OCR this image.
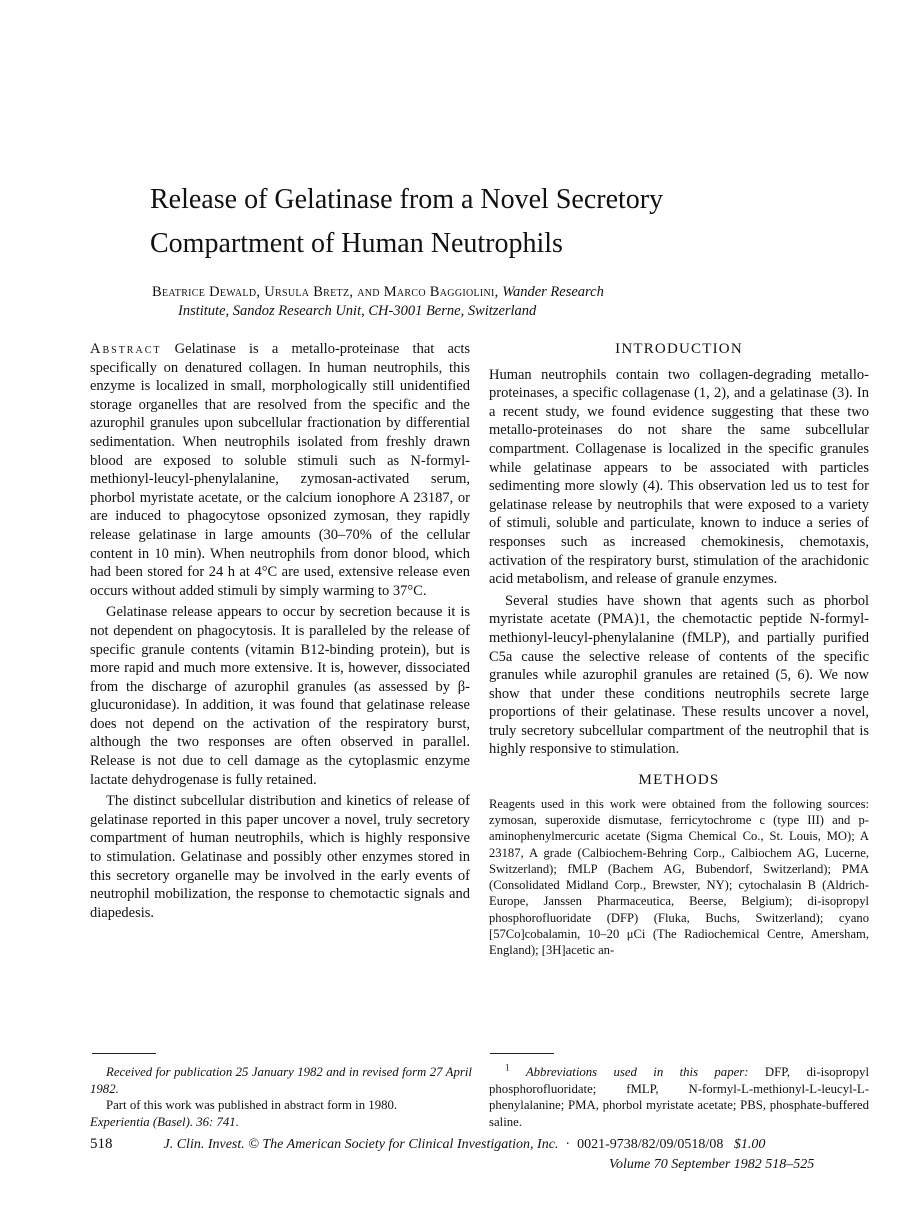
Release of Gelatinase from a Novel Secretory
Compartment of Human Neutrophils
Beatrice Dewald, Ursula Bretz, and Marco Baggiolini, Wander Research
Institute, Sandoz Research Unit, CH-3001 Berne, Switzerland

Abstract Gelatinase is a metallo-proteinase that acts specifically on denatured collagen. In human neutrophils, this enzyme is localized in small, morphologically still unidentified storage organelles that are resolved from the specific and the azurophil granules upon subcellular fractionation by differential sedimentation. When neutrophils isolated from freshly drawn blood are exposed to soluble stimuli such as N-formyl-methionyl-leucyl-phenylalanine, zymosan-activated serum, phorbol myristate acetate, or the calcium ionophore A 23187, or are induced to phagocytose opsonized zymosan, they rapidly release gelatinase in large amounts (30–70% of the cellular content in 10 min). When neutrophils from donor blood, which had been stored for 24 h at 4°C are used, extensive release even occurs without added stimuli by simply warming to 37°C.

Gelatinase release appears to occur by secretion because it is not dependent on phagocytosis. It is paralleled by the release of specific granule contents (vitamin B12-binding protein), but is more rapid and much more extensive. It is, however, dissociated from the discharge of azurophil granules (as assessed by β-glucuronidase). In addition, it was found that gelatinase release does not depend on the activation of the respiratory burst, although the two responses are often observed in parallel. Release is not due to cell damage as the cytoplasmic enzyme lactate dehydrogenase is fully retained.

The distinct subcellular distribution and kinetics of release of gelatinase reported in this paper uncover a novel, truly secretory compartment of human neutrophils, which is highly responsive to stimulation. Gelatinase and possibly other enzymes stored in this secretory organelle may be involved in the early events of neutrophil mobilization, the response to chemotactic signals and diapedesis.

INTRODUCTION

Human neutrophils contain two collagen-degrading metallo-proteinases, a specific collagenase (1, 2), and a gelatinase (3). In a recent study, we found evidence suggesting that these two metallo-proteinases do not share the same subcellular compartment. Collagenase is localized in the specific granules while gelatinase appears to be associated with particles sedimenting more slowly (4). This observation led us to test for gelatinase release by neutrophils that were exposed to a variety of stimuli, soluble and particulate, known to induce a series of responses such as increased chemokinesis, chemotaxis, activation of the respiratory burst, stimulation of the arachidonic acid metabolism, and release of granule enzymes.

Several studies have shown that agents such as phorbol myristate acetate (PMA)1, the chemotactic peptide N-formyl-methionyl-leucyl-phenylalanine (fMLP), and partially purified C5a cause the selective release of contents of the specific granules while azurophil granules are retained (5, 6). We now show that under these conditions neutrophils secrete large proportions of their gelatinase. These results uncover a novel, truly secretory subcellular compartment of the neutrophil that is highly responsive to stimulation.

METHODS

Reagents used in this work were obtained from the following sources: zymosan, superoxide dismutase, ferricytochrome c (type III) and p-aminophenylmercuric acetate (Sigma Chemical Co., St. Louis, MO); A 23187, A grade (Calbiochem-Behring Corp., Calbiochem AG, Lucerne, Switzerland); fMLP (Bachem AG, Bubendorf, Switzerland); PMA (Consolidated Midland Corp., Brewster, NY); cytochalasin B (Aldrich-Europe, Janssen Pharmaceutica, Beerse, Belgium); di-isopropyl phosphorofluoridate (DFP) (Fluka, Buchs, Switzerland); cyano [57Co]cobalamin, 10–20 μCi (The Radiochemical Centre, Amersham, England); [3H]acetic an-

Received for publication 25 January 1982 and in revised form 27 April 1982.

Part of this work was published in abstract form in 1980.

Experientia (Basel). 36: 741.

$^1$ Abbreviations used in this paper: DFP, di-isopropyl phosphorofluoridate; fMLP, N-formyl-L-methionyl-L-leucyl-L-phenylalanine; PMA, phorbol myristate acetate; PBS, phosphate-buffered saline.

518	J. Clin. Invest. © The American Society for Clinical Investigation, Inc. · 0021-9738/82/09/0518/08 $1.00
Volume 70 September 1982 518–525
